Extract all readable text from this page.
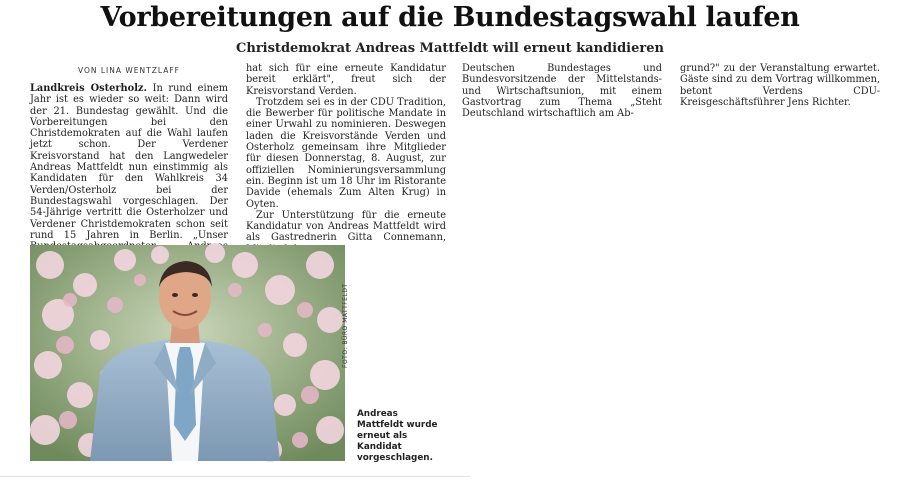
Vorbereitungen auf die Bundestagswahl laufen
Christdemokrat Andreas Mattfeldt will erneut kandidieren
VON LINA WENTZLAFF

Landkreis Osterholz. In rund einem Jahr ist es wieder so weit: Dann wird der 21. Bundestag gewählt. Und die Vorbereitungen bei den Christdemokraten auf die Wahl laufen jetzt schon. Der Verdener Kreisvorstand hat den Langwedeler Andreas Mattfeldt nun einstimmig als Kandidaten für den Wahlkreis 34 Verden/Osterholz bei der Bundestagswahl vorgeschlagen. Der 54-Jährige vertritt die Osterholzer und Verdener Christdemokraten schon seit rund 15 Jahren in Berlin. „Unser

hat sich für eine erneute Kandidatur bereit erklärt", freut sich der Kreisvorstand Verden.

Trotzdem sei es in der CDU Tradition, die Bewerber für politische Mandate in einer Urwahl zu nominieren. Deswegen laden die Kreisvorstände Verden und Osterholz gemeinsam ihre Mitglieder für diesen Donnerstag, 8. August, zur offiziellen Nominierungsversammlung ein. Beginn ist um 18 Uhr im Ristorante Davide (ehemals Zum Alten Krug) in Oyten.

Zur Unterstützung für die erneute Kandidatur von Andreas Mattfeldt wird als Gastrednerin Gitta Connemann,

Deutschen Bundestages und Bundesvorsitzende der Mittelstands- und Wirtschaftsunion, mit einem Gastvortrag zum Thema „Steht Deutschland wirtschaftlich am Ab-

grund?" zu der Veranstaltung erwartet. Gäste sind zu dem Vortrag willkommen, betont Verdens CDU-Kreisgeschäftsführer Jens Richter.

FOTO: BÜRO MATTFELDT
Andreas Mattfeldt wurde erneut als Kandidat vorgeschlagen.
